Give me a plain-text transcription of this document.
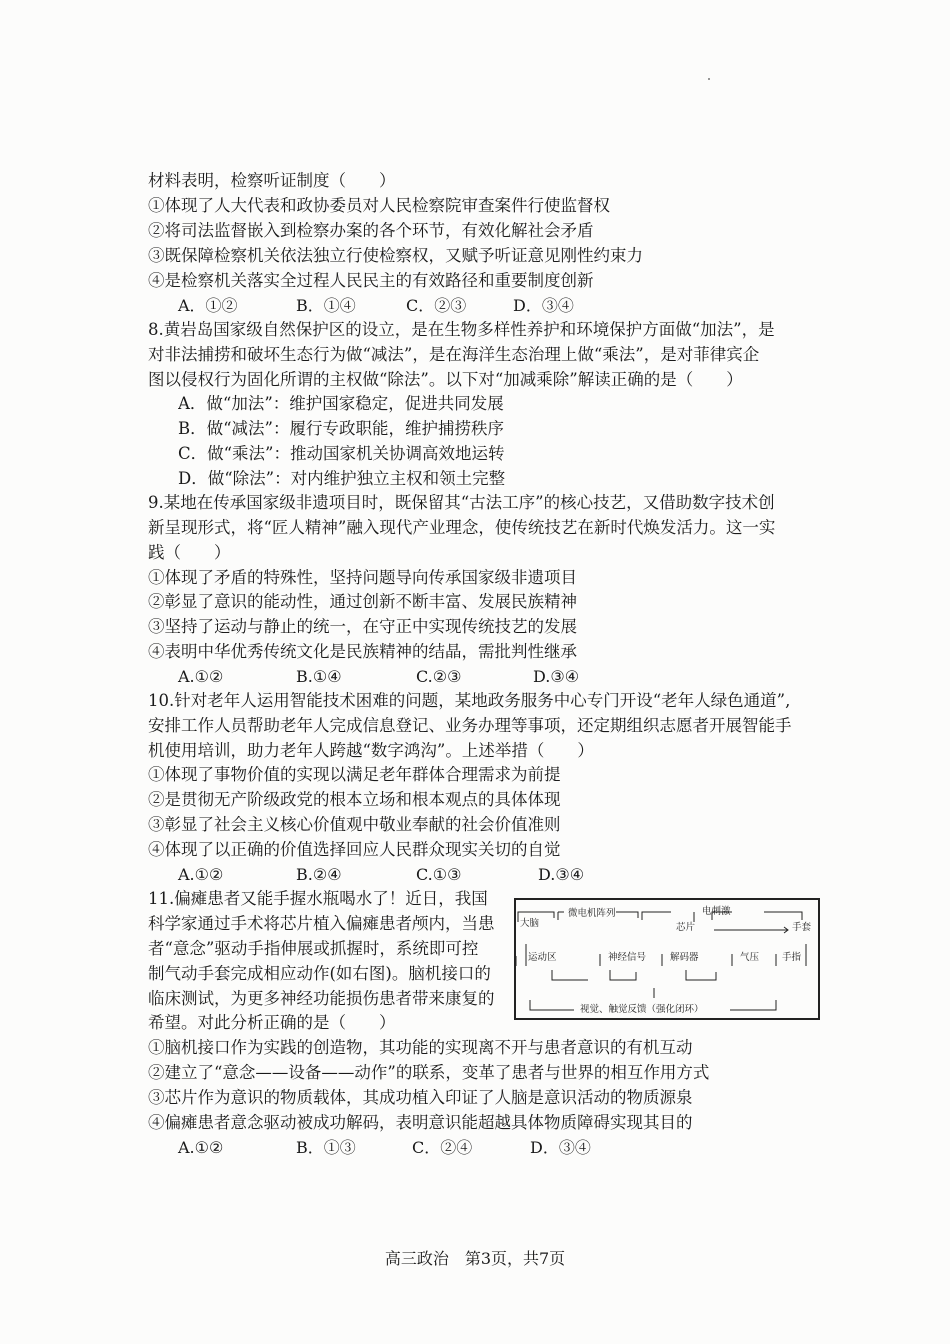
材料表明，检察听证制度（　　）
①体现了人大代表和政协委员对人民检察院审查案件行使监督权
②将司法监督嵌入到检察办案的各个环节，有效化解社会矛盾
③既保障检察机关依法独立行使检察权，又赋予听证意见刚性约束力
④是检察机关落实全过程人民民主的有效路径和重要制度创新
A．①②	B．①④	C．②③	D．③④
8.黄岩岛国家级自然保护区的设立，是在生物多样性养护和环境保护方面做“加法”，是
对非法捕捞和破坏生态行为做“减法”，是在海洋生态治理上做“乘法”，是对菲律宾企
图以侵权行为固化所谓的主权做“除法”。以下对“加减乘除”解读正确的是（　　）
A．做“加法”：维护国家稳定，促进共同发展
B．做“减法”：履行专政职能，维护捕捞秩序
C．做“乘法”：推动国家机关协调高效地运转
D．做“除法”：对内维护独立主权和领土完整
9.某地在传承国家级非遗项目时，既保留其“古法工序”的核心技艺，又借助数字技术创
新呈现形式，将“匠人精神”融入现代产业理念，使传统技艺在新时代焕发活力。这一实
践（　　）
①体现了矛盾的特殊性，坚持问题导向传承国家级非遗项目
②彰显了意识的能动性，通过创新不断丰富、发展民族精神
③坚持了运动与静止的统一，在守正中实现传统技艺的发展
④表明中华优秀传统文化是民族精神的结晶，需批判性继承
A.①②	B.①④	C.②③	D.③④
10.针对老年人运用智能技术困难的问题，某地政务服务中心专门开设“老年人绿色通道”,
安排工作人员帮助老年人完成信息登记、业务办理等事项，还定期组织志愿者开展智能手
机使用培训，助力老年人跨越“数字鸿沟”。上述举措（　　）
①体现了事物价值的实现以满足老年群体合理需求为前提
②是贯彻无产阶级政党的根本立场和根本观点的具体体现
③彰显了社会主义核心价值观中敬业奉献的社会价值准则
④体现了以正确的价值选择回应人民群众现实关切的自觉
A.①②	B.②④	C.①③	D.③④
11.偏瘫患者又能手握水瓶喝水了！近日，我国
科学家通过手术将芯片植入偏瘫患者颅内，当患
者“意念”驱动手指伸展或抓握时，系统即可控
制气动手套完成相应动作(如右图)。脑机接口的
临床测试，为更多神经功能损伤患者带来康复的
希望。对此分析正确的是（　　）
大脑
微电机阵列	电刺激
芯片	手套
运动区	神经信号	解码器	气压 手指
视觉、触觉反馈（强化闭环）
①脑机接口作为实践的创造物，其功能的实现离不开与患者意识的有机互动
②建立了“意念——设备——动作”的联系，变革了患者与世界的相互作用方式
③芯片作为意识的物质载体，其成功植入印证了人脑是意识活动的物质源泉
④偏瘫患者意念驱动被成功解码，表明意识能超越具体物质障碍实现其目的
A.①②	B．①③	C．②④	D．③④
高三政治　第3页，共7页
